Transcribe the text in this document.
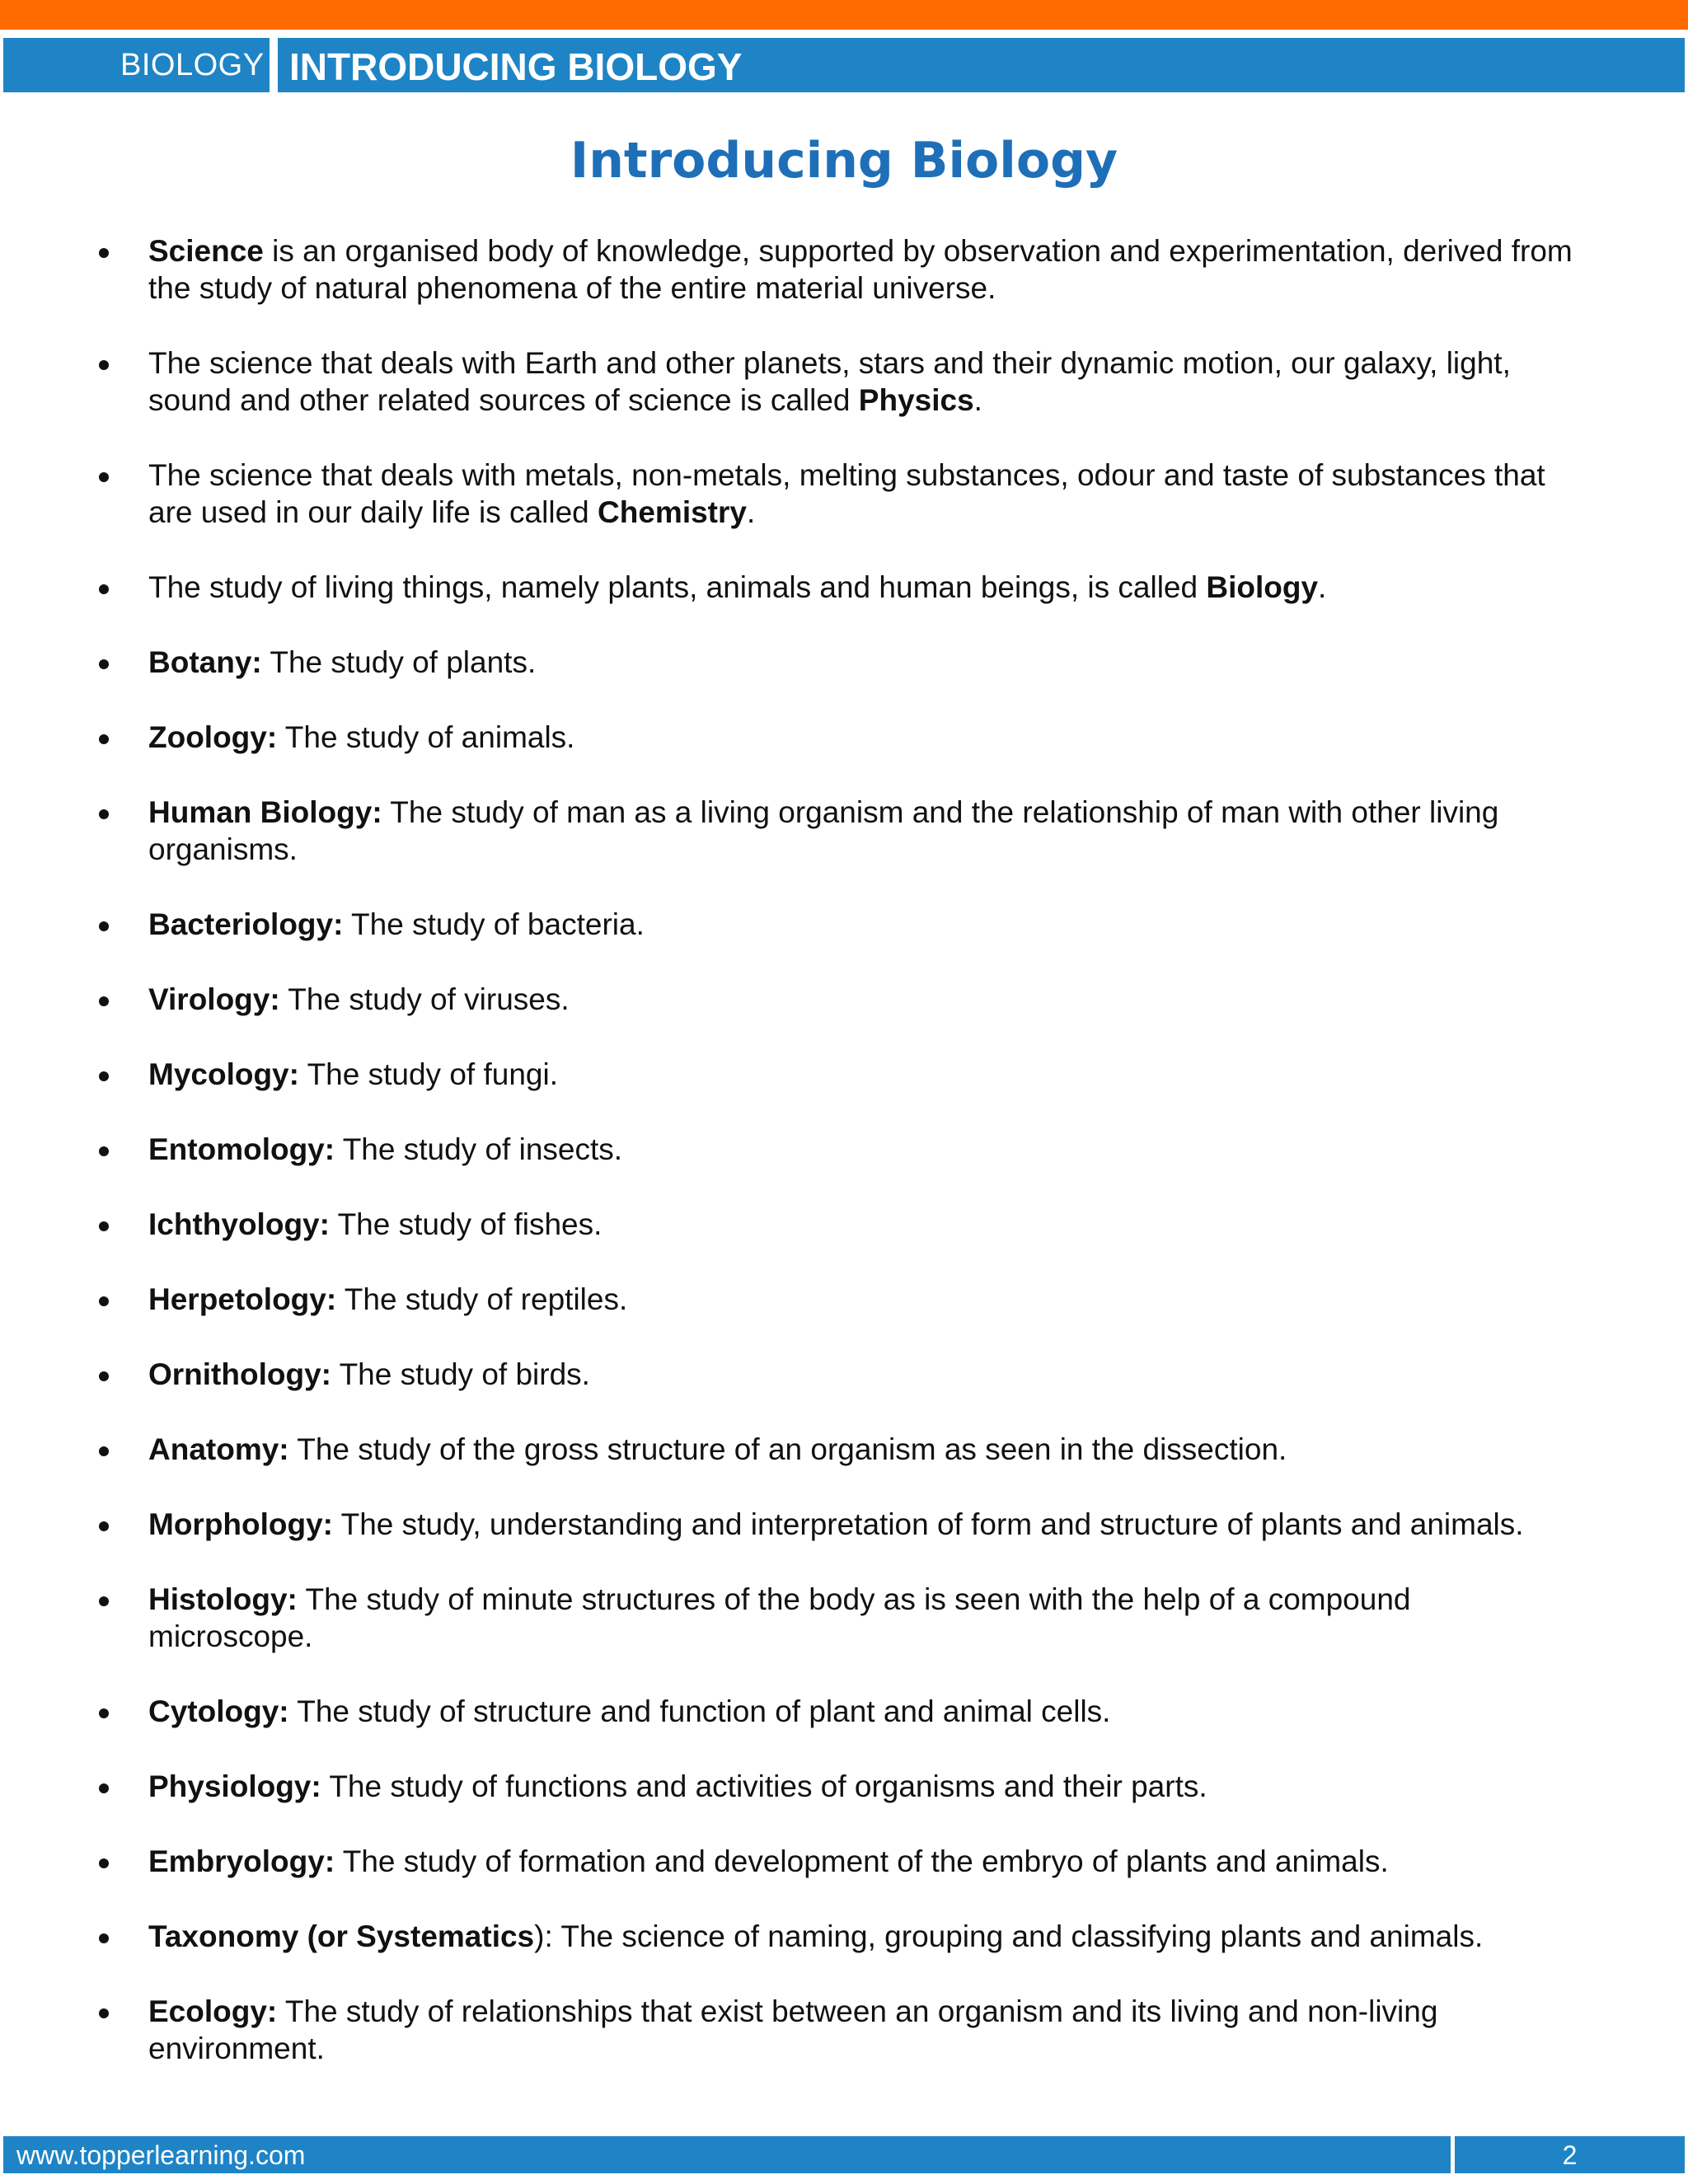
BIOLOGY INTRODUCING BIOLOGY
Introducing Biology
Science is an organised body of knowledge, supported by observation and experimentation, derived from the study of natural phenomena of the entire material universe.
The science that deals with Earth and other planets, stars and their dynamic motion, our galaxy, light, sound and other related sources of science is called Physics.
The science that deals with metals, non-metals, melting substances, odour and taste of substances that are used in our daily life is called Chemistry.
The study of living things, namely plants, animals and human beings, is called Biology.
Botany: The study of plants.
Zoology: The study of animals.
Human Biology: The study of man as a living organism and the relationship of man with other living organisms.
Bacteriology: The study of bacteria.
Virology: The study of viruses.
Mycology: The study of fungi.
Entomology: The study of insects.
Ichthyology: The study of fishes.
Herpetology: The study of reptiles.
Ornithology: The study of birds.
Anatomy: The study of the gross structure of an organism as seen in the dissection.
Morphology: The study, understanding and interpretation of form and structure of plants and animals.
Histology: The study of minute structures of the body as is seen with the help of a compound microscope.
Cytology: The study of structure and function of plant and animal cells.
Physiology: The study of functions and activities of organisms and their parts.
Embryology: The study of formation and development of the embryo of plants and animals.
Taxonomy (or Systematics): The science of naming, grouping and classifying plants and animals.
Ecology: The study of relationships that exist between an organism and its living and non-living environment.
www.topperlearning.com	2
